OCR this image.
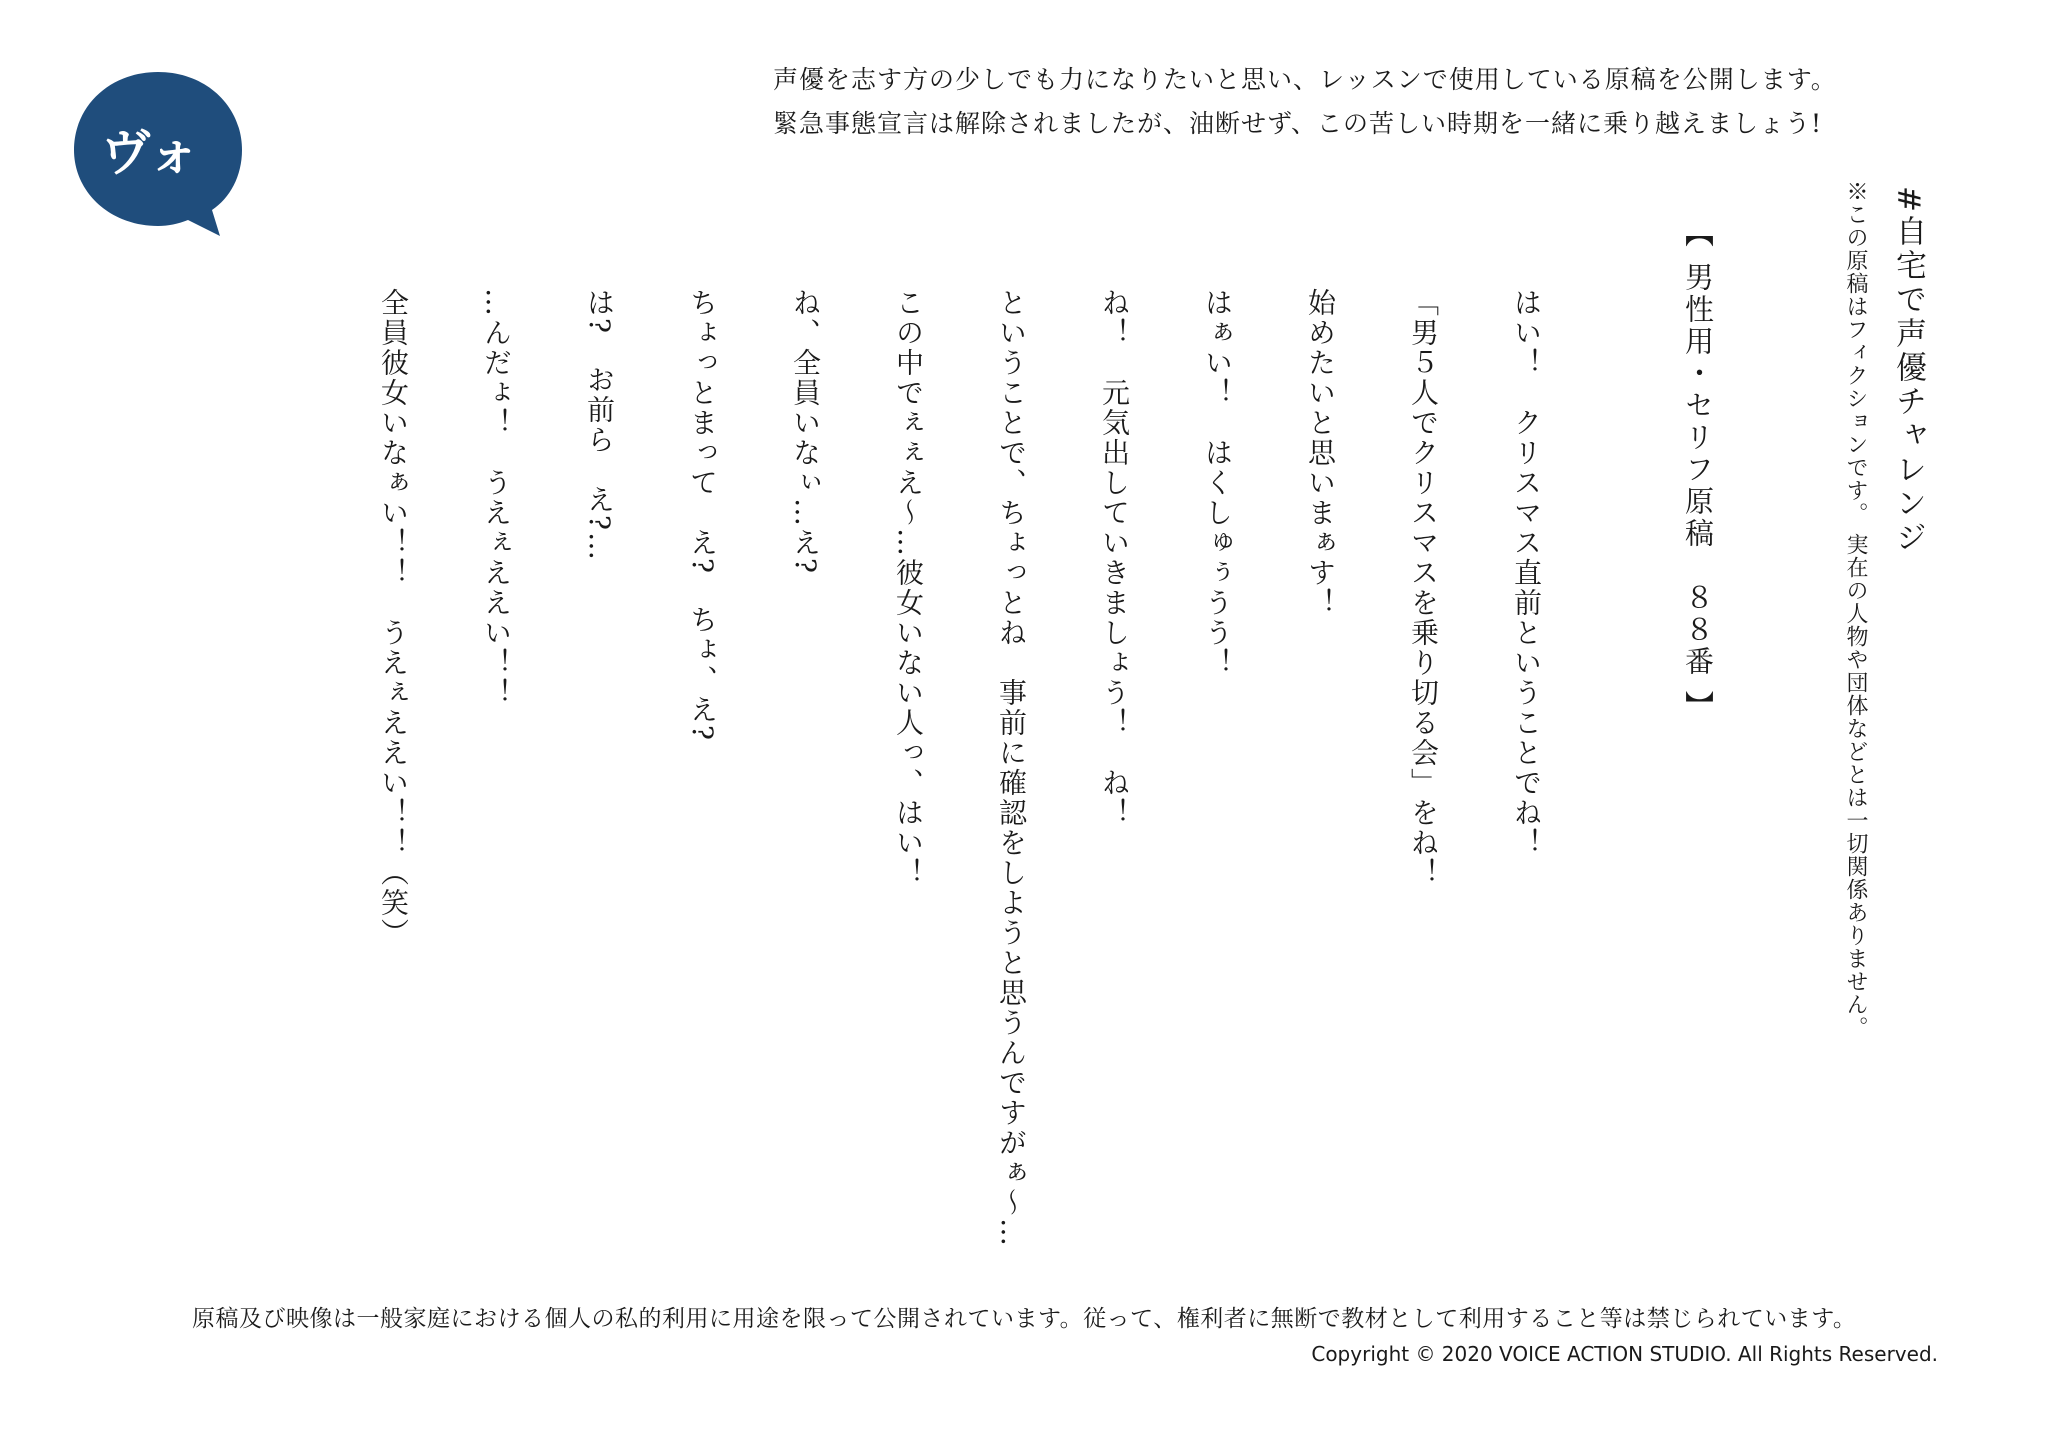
ヴォ
声優を志す方の少しでも力になりたいと思い、レッスンで使用している原稿を公開します。
緊急事態宣言は解除されましたが、油断せず、この苦しい時期を一緒に乗り越えましょう!
#自宅で声優チャレンジ
※この原稿はフィクションです。 実在の人物や団体などとは一切関係ありません。
【 男性用・セリフ原稿　８８番 】
はい！　クリスマス直前ということでね！
「男５人でクリスマスを乗り切る会」をね！
始めたいと思いまぁす！
はぁい！　はくしゅぅうう！
ね！　元気出していきましょう！　ね！
ということで、ちょっとね　事前に確認をしようと思うんですがぁ〜…
この中でぇぇえ〜…彼女いない人っ、はい！
ね、全員いなぃ…え?
ちょっとまって　え?　ちょ、え?
は?　お前ら　え?…
…んだょ！　うえぇええい！！
全員彼女いなぁい！！　うえぇええい！！（笑）
原稿及び映像は一般家庭における個人の私的利用に用途を限って公開されています。従って、権利者に無断で教材として利用すること等は禁じられています。
Copyright © 2020 VOICE ACTION STUDIO. All Rights Reserved.
